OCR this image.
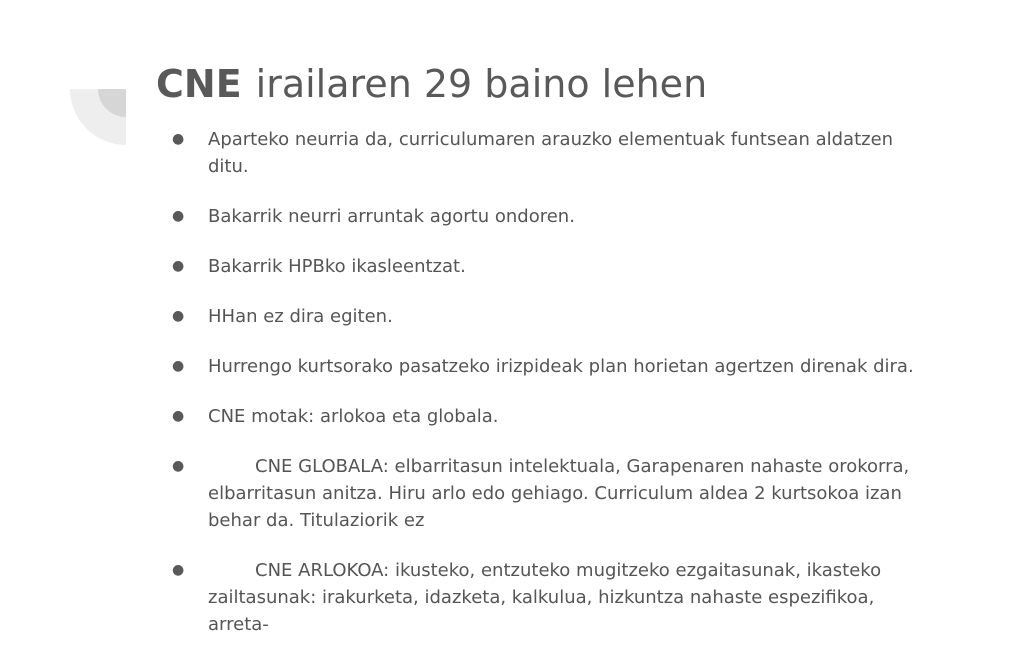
CNE irailaren 29 baino lehen
● Aparteko neurria da, curriculumaren arauzko elementuak funtsean aldatzen ditu.
● Bakarrik neurri arruntak agortu ondoren.
● Bakarrik HPBko ikasleentzat.
● HHan ez dira egiten.
● Hurrengo kurtsorako pasatzeko irizpideak plan horietan agertzen direnak dira.
● CNE motak: arlokoa eta globala.
●	CNE GLOBALA: elbarritasun intelektuala, Garapenaren nahaste orokorra, elbarritasun anitza. Hiru arlo edo gehiago. Curriculum aldea 2 kurtsokoa izan behar da. Titulaziorik ez
●	CNE ARLOKOA: ikusteko, entzuteko mugitzeko ezgaitasunak, ikasteko zailtasunak: irakurketa, idazketa, kalkulua, hizkuntza nahaste espezifikoa, arreta-
